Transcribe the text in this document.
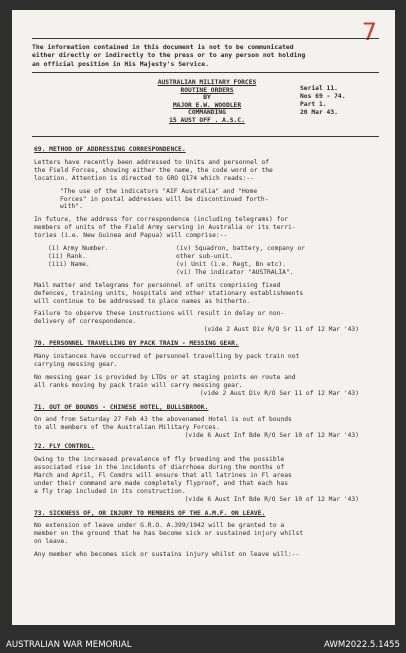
7
The information contained in this document is not to be communicated
either directly or indirectly to the press or to any person not holding
an official position in His Majesty's Service.
AUSTRALIAN MILITARY FORCES
ROUTINE ORDERS
BY
MAJOR E.W. WOODLER
COMMANDING
15 AUST OFF . A.S.C.
Serial 11.
Nos 69 - 74.
Part 1.
20 Mar 43.
69. METHOD OF ADDRESSING CORRESPONDENCE.
Letters have recently been addressed to Units and personnel of
the Field Forces, showing either the name, the code word or the
location. Attention is directed to GRO Q174 which reads:--
"The use of the indicators "AIF Australia" and "Home
Forces" in postal addresses will be discontinued forth-
with".
In future, the address for correspondence (including telegrams) for
members of units of the Field Army serving in Australia or its terri-
tories (i.e. New Guinea and Papua) will comprise:--
(i) Army Number.
(ii) Rank.
(iii) Name.
(iv) Squadron, battery, company or
other sub-unit.
(v) Unit (i.e. Regt, Bn etc).
(vi) The indicator "AUSTRALIA".
Mail matter and telegrams for personnel of units comprising fixed
defences, training units, hospitals and other stationary establishments
will continue to be addressed to place names as hitherto.
Failure to observe these instructions will result in delay or non-
delivery of correspondence.
(vide 2 Aust Div R/O Sr 11 of 12 Mar '43)
70. PERSONNEL TRAVELLING BY PACK TRAIN - MESSING GEAR.
Many instances have occurred of personnel travelling by pack train not
carrying messing gear.
No messing gear is provided by LTDs or at staging points en route and
all ranks moving by pack train will carry messing gear.
(vide 2 Aust Div R/O Ser 11 of 12 Mar '43)
71. OUT OF BOUNDS - CHINESE HOTEL, BULLSBROOK.
On and from Saturday 27 Feb 43 the abovenamed Hotel is out of bounds
to all members of the Australian Military Forces.
(vide 6 Aust Inf Bde R/O Ser 10 of 12 Mar '43)
72. FLY CONTROL.
Owing to the increased prevalence of fly breeding and the possible
associated rise in the incidents of diarrhoea during the months of
March and April, Fl Comdrs will ensure that all latrines in Fl areas
under their command are made completely flyproof, and that each has
a fly trap included in its construction.
(vide 6 Aust Inf Bde R/O Ser 10 of 12 Mar '43)
73. SICKNESS OF, OR INJURY TO MEMBERS OF THE A.M.F. ON LEAVE.
No extension of leave under G.R.O. A.399/1942 will be granted to a
member on the ground that he has become sick or sustained injury whilst
on leave.
Any member who becomes sick or sustains injury whilst on leave will:--
AUSTRALIAN WAR MEMORIAL	AWM2022.5.1455
